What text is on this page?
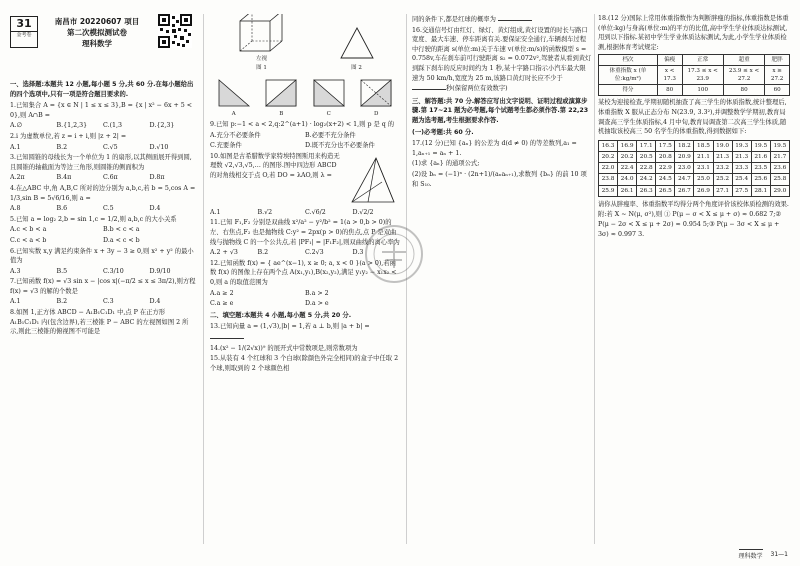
31
金考卷
南昌市 20220607 项目
第二次模拟测试卷
理科数学

一、选择题:本题共 12 小题,每小题 5 分,共 60 分.在每小题给出的四个选项中,只有一项是符合题目要求的.

1.已知集合 A = {x ∈ N | 1 ≤ x ≤ 3},B = {x | x² − 6x + 5 < 0},则 A∩B =

A.∅	B.{1,2,3}	C.(1,3	D.{2,3}

2.i 为虚数单位,若 z = i + i,则 |z + 2| =

A.1	B.2	C.√5	D.√10

3.已知圆锥的母线长为一个单位为 1 的扇形,以其侧面展开得到圆,且圆锥的轴截面为等边三角形,则圆锥的侧面积为

A.2π	B.4π	C.6π	D.8π

4.在△ABC 中,角 A,B,C 所对的边分别为 a,b,c,若 b = 5,cos A = 1/3,sin B = 5√6/16,则 a =

A.8	B.6	C.5	D.4

5.已知 a = log₂ 2,b = sin 1,c = 1/2,则 a,b,c 的大小关系

A.c < b < a	B.b < c < a
C.c < a < b	D.a < c < b

6.已知实数 x,y 满足约束条件 x + 3y − 3 ≥ 0,则 x² + y² 的最小值为

A.3	B.5	C.3/10	D.9/10

7.已知函数 f(x) = √3 sin x − |cos x|(−π/2 ≤ x ≤ 3π/2),则方程 f(x) = √3 的解的个数是

A.1	B.2	C.3	D.4

8.如图 1,正方体 ABCD − A₁B₁C₁D₁ 中,点 P 在正方形 A₁B₁C₁D₁ 内(包含边界),若三棱锥 P − ABC 的左视图如图 2 所示,则此三棱锥的俯视图不可能是

左视
图 1	图 2
A	B	C	D

9.已知 p:−1 < a < 2,q:2^(a+1) · log₂(x+2) < 1,则 p 是 q 的

A.充分不必要条件	B.必要不充分条件
C.充要条件	D.既不充分也不必要条件

10.如图是古希腊数学家特埃特图斯用来构造无理数 √2,√3,√5,… 的图形.图中四边形 ABCD 的对角线相交于点 O,若 DO = λAO,则 λ =

A.1	B.√2	C.√6/2	D.√2/2

11.已知 F₁,F₂ 分别是双曲线 x²/a² − y²/b² = 1(a > 0,b > 0)的左、右焦点,F₂ 也是抛物线 C:y² = 2px(p > 0)的焦点,点 P 是双曲线与抛物线 C 的一个公共点,若 |PF₁| = |F₁F₂|,则双曲线的离心率为

A.2 + √3	B.2	C.2√3	D.3

12.已知函数 f(x) = { ae^(x−1), x ≥ 0; a, x < 0 }(a > 0),若函数 f(x) 的图像上存在两个点 A(x₁,y₁),B(x₂,y₂),满足 y₁y₂ − x₁x₂ < 0,则 a 的取值范围为

A.a ≥ 2	B.a > 2
C.a ≥ e	D.a > e

二、填空题:本题共 4 小题,每小题 5 分,共 20 分.

13.已知向量 a = (1,√3),|b| = 1,若 a ⊥ b,则 |a + b| =

14.(x² − 1/(2√x))⁹ 的展开式中常数项是,则常数项为

15.从装有 4 个红球和 3 个白球(除颜色外完全相同)的盒子中任取 2 个球,则取到的 2 个球颜色相

同的条件下,都是红球的概率为

16.交通信号灯由红灯、绿灯、黄灯组成,黄灯设置的时长与路口宽度、最大车速、停车距离有关.要保证安全通行,车辆刹车过程中行驶的距离 s(单位:m)关于车速 v(单位:m/s)的函数模型 s = 0.758v,车在刹车前可行驶距离 s₂ = 0.072v²,驾驶者从看到黄灯到踩下刹车的反应时间约为 1 秒,某十字路口指示小汽车最大限速为 50 km/h,宽度为 25 m,该路口黄灯时长应不少于 秒(保留两位有效数字)

三、解答题:共 70 分.解答应写出文字说明、证明过程或演算步骤.第 17~21 题为必考题,每个试题考生都必须作答.第 22,23 题为选考题,考生根据要求作答.

(一)必考题:共 60 分.

17.(12 分)已知 {aₙ} 的公差为 d(d ≠ 0) 的等差数列,a₁ = 1,aₙ₊₁ = aₙ + 1.

(1)求 {aₙ} 的通项公式;

(2)设 bₙ = (−1)ⁿ · (2n+1)/(aₙaₙ₊₁),求数列 {bₙ} 的前 10 项和 S₁₀.

18.(12 分)国际上常用体重指数作为判断胖瘦的指标,体重指数是体重(单位:kg)与身高(单位:m)的平方的比值,高中学生学业体质达标测试,用到以下指标.某初中学生学业体质达标测试,为此,小学生学业体质检测,根据体育考试规定:

档次	偏瘦	正常	超重	肥胖
体重指数 x (单位:kg/m²)	x < 17.3	17.3 ≤ x < 23.9	23.9 ≤ x < 27.2	x ≥ 27.2
得分	80	100	80	60

某校为迎接检查,学期初随机抽查了高三学生的体质指数,统计整理后,体重指数 X 服从正态分布 N(23.9, 3.3²),并调整数学学期初,教育局调查高三学生体质指标,4 月中旬,教育局调查第二次高三学生体质,随机抽取该校高三 50 名学生的体重指数,得到数据如下:

16.3	16.9	17.1	17.5	18.2	18.5	19.0	19.3	19.5	19.5
20.2	20.2	20.5	20.8	20.9	21.1	21.3	21.3	21.6	21.7
22.0	22.4	22.8	22.9	23.0	23.1	23.2	23.3	23.5	23.6
23.8	24.0	24.2	24.5	24.7	25.0	25.2	25.4	25.6	25.8
25.9	26.1	26.3	26.5	26.7	26.9	27.1	27.5	28.1	29.0

请你从胖瘦率、体重指数平均得分两个角度评价该校体质检测的效果.

附:若 X ~ N(μ, σ²),则 ① P(μ − σ < X ≤ μ + σ) ≈ 0.682 7;② P(μ − 2σ < X ≤ μ + 2σ) ≈ 0.954 5;③ P(μ − 3σ < X ≤ μ + 3σ) ≈ 0.997 3.

理科数学 31—1
